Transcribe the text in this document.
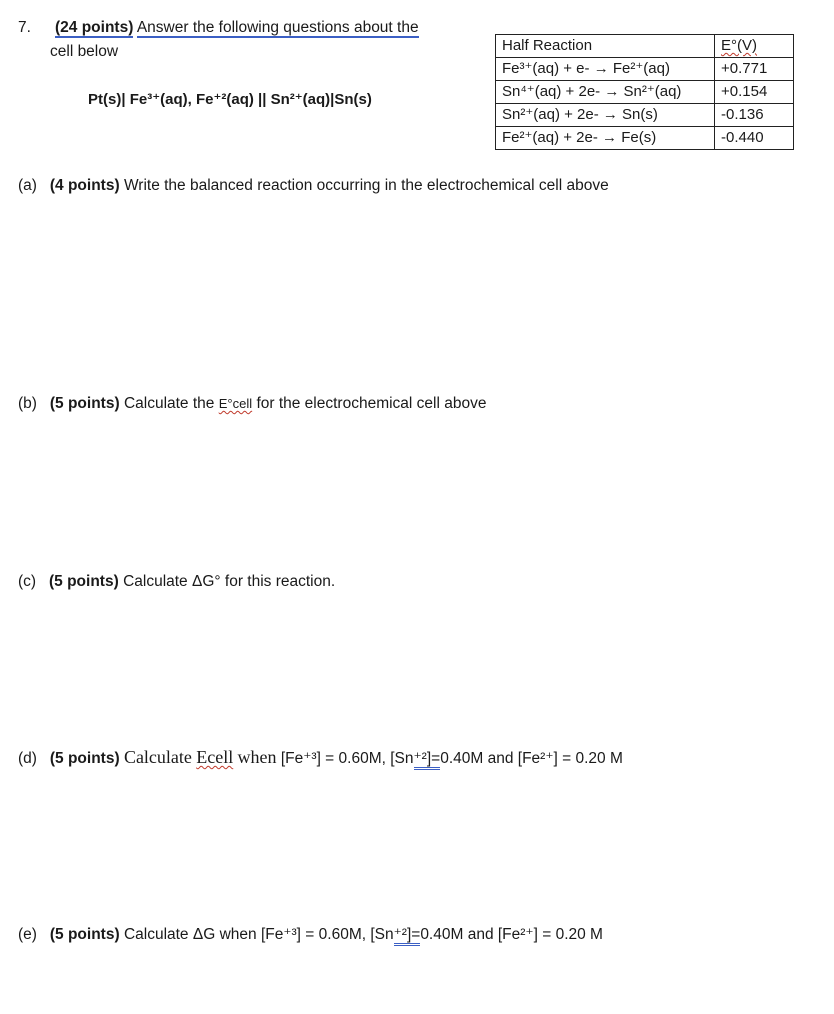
7. (24 points) Answer the following questions about the
cell below
Pt(s)| Fe³⁺(aq), Fe⁺²(aq) || Sn²⁺(aq)|Sn(s)
Half Reaction	E°(V)
Fe³⁺(aq) + e- → Fe²⁺(aq)	+0.771
Sn⁴⁺(aq) + 2e- → Sn²⁺(aq)	+0.154
Sn²⁺(aq) + 2e- → Sn(s)	-0.136
Fe²⁺(aq) + 2e- → Fe(s)	-0.440
(a) (4 points) Write the balanced reaction occurring in the electrochemical cell above
(b) (5 points) Calculate the E°cell for the electrochemical cell above
(c) (5 points) Calculate ΔG° for this reaction.
(d) (5 points) Calculate Ecell when [Fe⁺³] = 0.60M, [Sn⁺²]=0.40M and [Fe²⁺] = 0.20 M
(e) (5 points) Calculate ΔG when [Fe⁺³] = 0.60M, [Sn⁺²]=0.40M and [Fe²⁺] = 0.20 M
